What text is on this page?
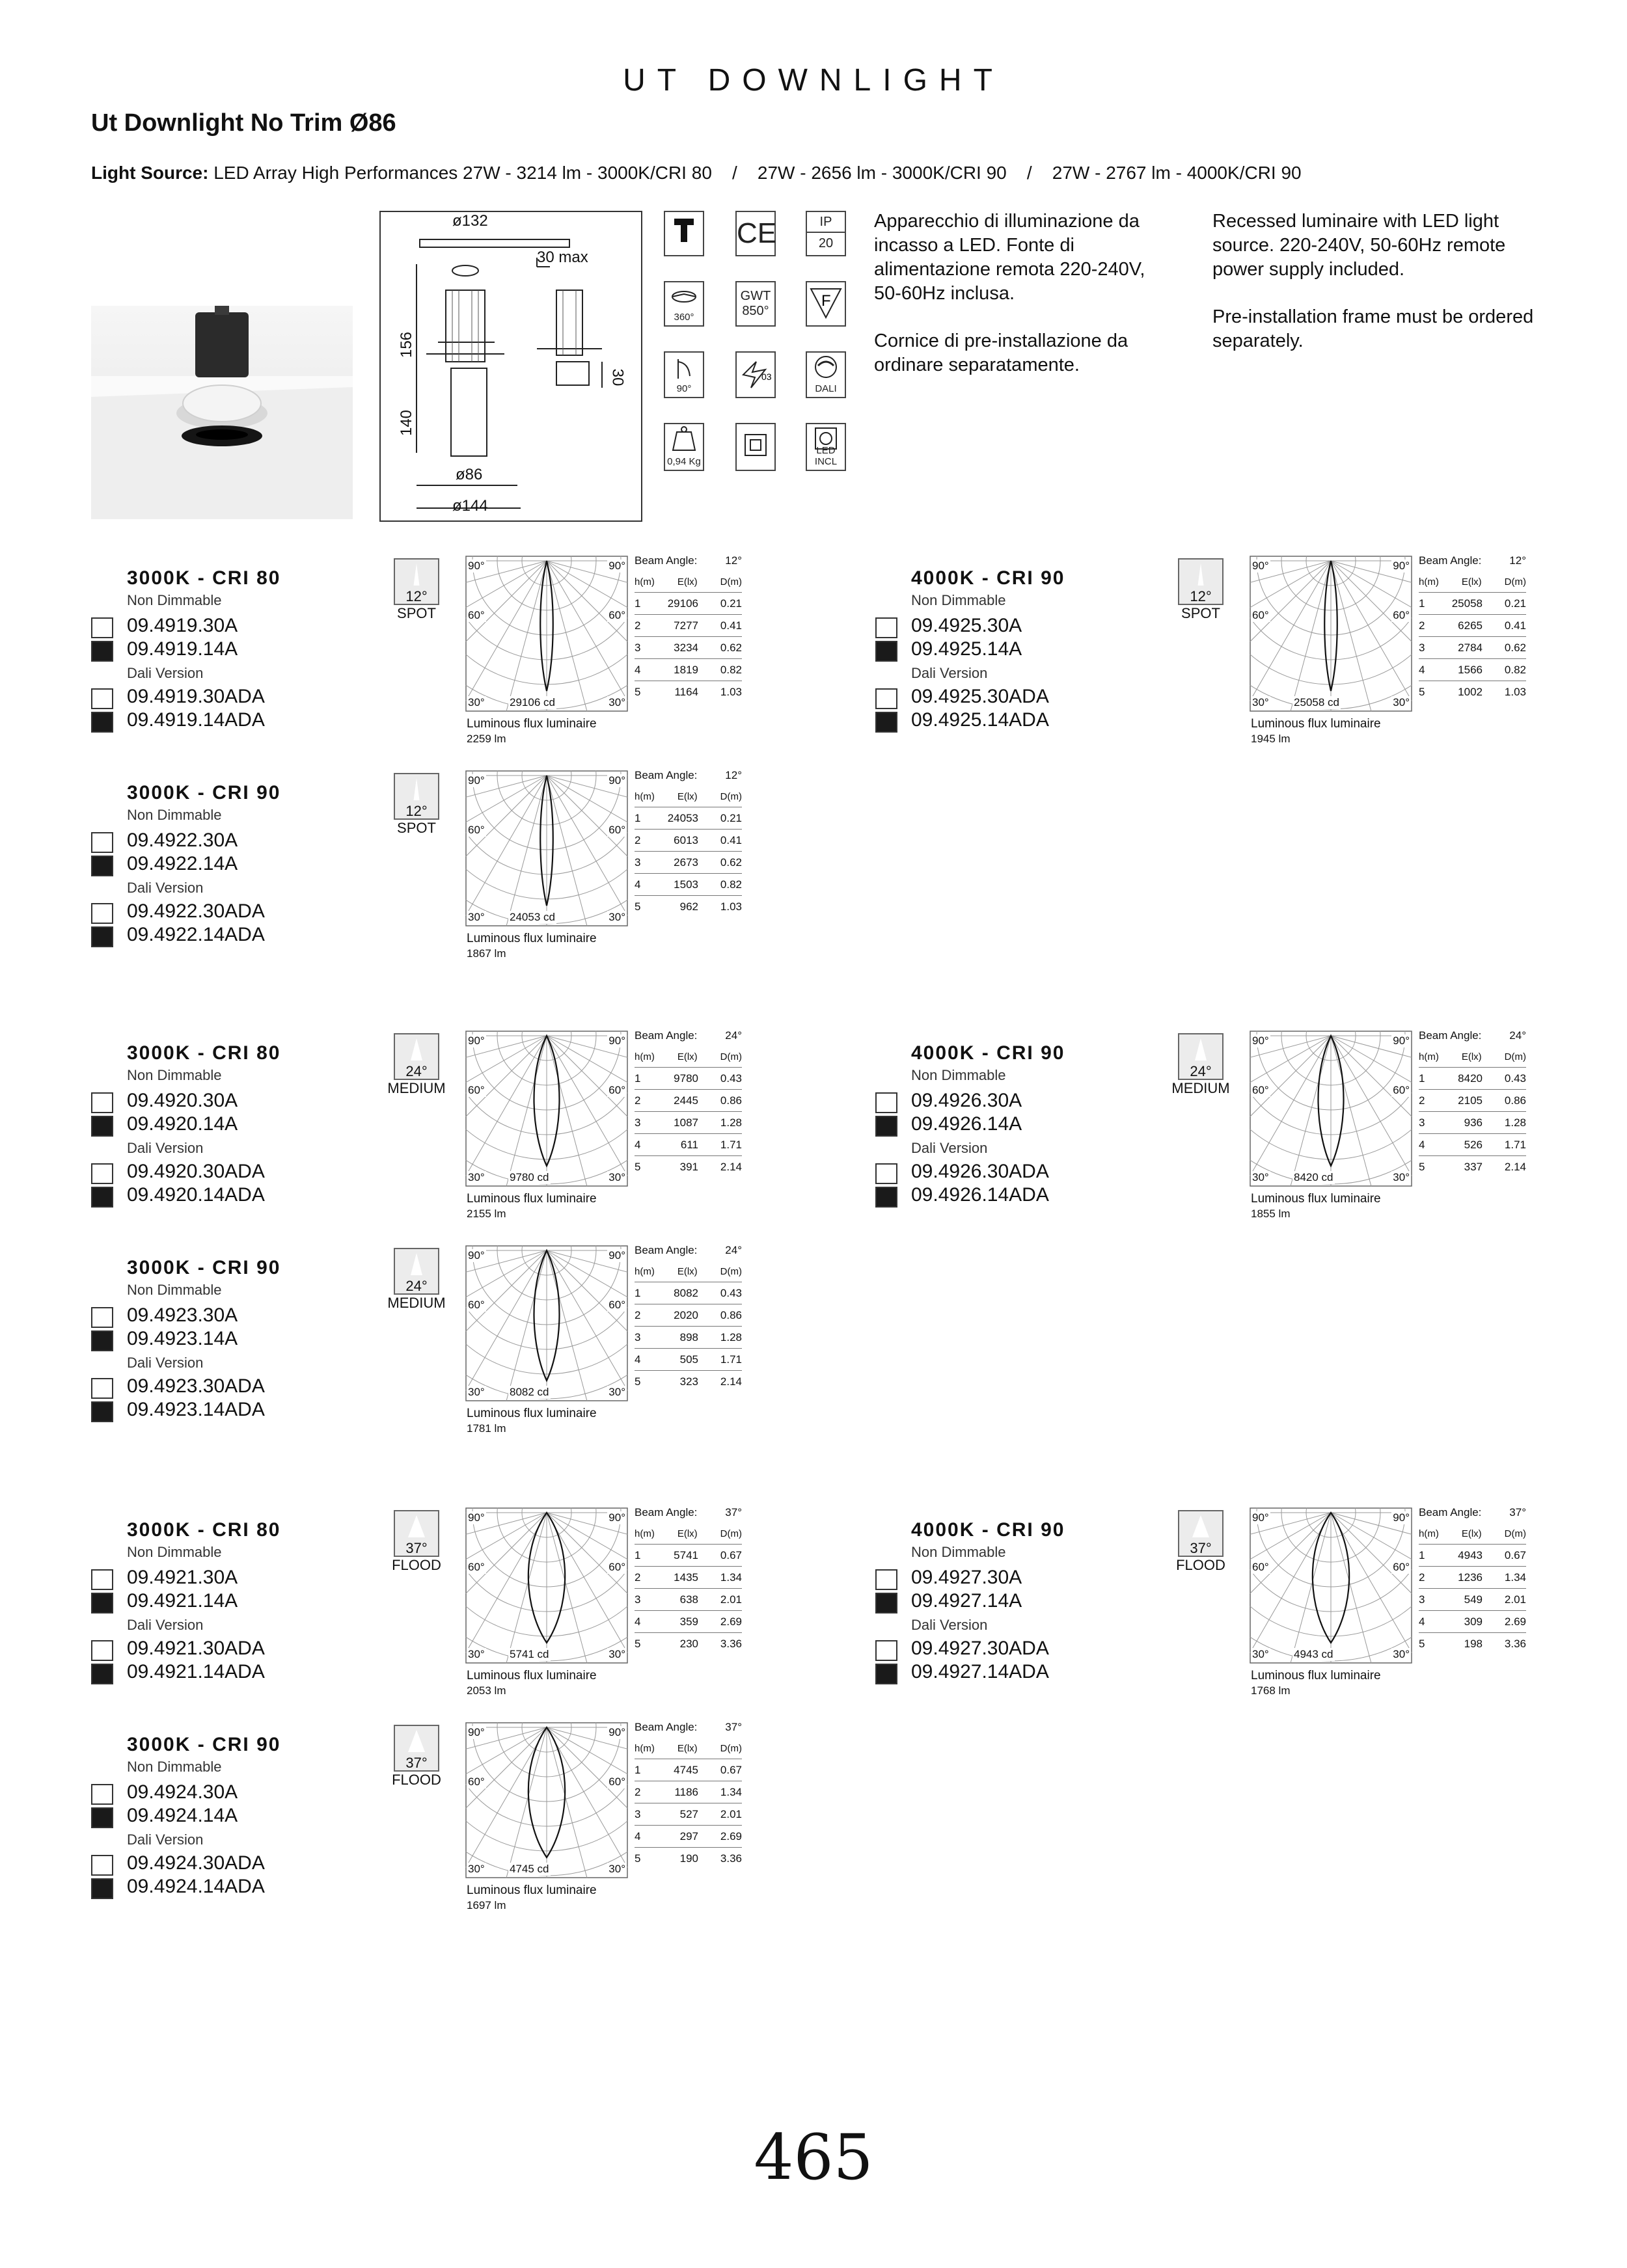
UT DOWNLIGHT
Ut Downlight No Trim Ø86
Light Source: LED Array High Performances 27W - 3214 lm - 3000K/CRI 80    /    27W - 2656 lm - 3000K/CRI 90    /    27W - 2767 lm - 4000K/CRI 90
ø132
30 max
156
140
30
ø86
ø144
CE	IP
20
360°
GWT 850°
F
90°
03
DALI
0,94 Kg
LED INCL
Apparecchio di illuminazione da incasso a LED. Fonte di alimentazione remota 220-240V, 50-60Hz inclusa.
Cornice di pre-installazione da ordinare separatamente.
Recessed luminaire with LED light source. 220-240V, 50-60Hz remote power supply included.
Pre-installation frame must be ordered separately.
3000K - CRI 80
Non Dimmable
Dali Version
09.4919.30A
09.4919.14A
09.4919.30ADA
09.4919.14ADA
12°
SPOT
90°	90°
60°	60°
30°	30°
29106 cd
Luminous flux luminaire
2259 lm
Beam Angle:	12°
h(m) E(lx) D(m)
1	29106	0.21
2	7277	0.41
3	3234	0.62
4	1819	0.82
5	1164	1.03
4000K - CRI 90
Non Dimmable
Dali Version
09.4925.30A
09.4925.14A
09.4925.30ADA
09.4925.14ADA
12°
SPOT
90°	90°
60°	60°
30°	30°
25058 cd
Luminous flux luminaire
1945 lm
Beam Angle:	12°
h(m) E(lx) D(m)
1	25058	0.21
2	6265	0.41
3	2784	0.62
4	1566	0.82
5	1002	1.03
3000K - CRI 90
Non Dimmable
Dali Version
09.4922.30A
09.4922.14A
09.4922.30ADA
09.4922.14ADA
12°
SPOT
90°	90°
60°	60°
30°	30°
24053 cd
Luminous flux luminaire
1867 lm
Beam Angle:	12°
h(m) E(lx) D(m)
1	24053	0.21
2	6013	0.41
3	2673	0.62
4	1503	0.82
5	962	1.03
3000K - CRI 80
Non Dimmable
Dali Version
09.4920.30A
09.4920.14A
09.4920.30ADA
09.4920.14ADA
24°
MEDIUM
90°	90°
60°	60°
30°	30°
9780 cd
Luminous flux luminaire
2155 lm
Beam Angle:	24°
h(m) E(lx) D(m)
1	9780	0.43
2	2445	0.86
3	1087	1.28
4	611	1.71
5	391	2.14
4000K - CRI 90
Non Dimmable
Dali Version
09.4926.30A
09.4926.14A
09.4926.30ADA
09.4926.14ADA
24°
MEDIUM
90°	90°
60°	60°
30°	30°
8420 cd
Luminous flux luminaire
1855 lm
Beam Angle:	24°
h(m) E(lx) D(m)
1	8420	0.43
2	2105	0.86
3	936	1.28
4	526	1.71
5	337	2.14
3000K - CRI 90
Non Dimmable
Dali Version
09.4923.30A
09.4923.14A
09.4923.30ADA
09.4923.14ADA
24°
MEDIUM
90°	90°
60°	60°
30°	30°
8082 cd
Luminous flux luminaire
1781 lm
Beam Angle:	24°
h(m) E(lx) D(m)
1	8082	0.43
2	2020	0.86
3	898	1.28
4	505	1.71
5	323	2.14
3000K - CRI 80
Non Dimmable
Dali Version
09.4921.30A
09.4921.14A
09.4921.30ADA
09.4921.14ADA
37°
FLOOD
90°	90°
60°	60°
30°	30°
5741 cd
Luminous flux luminaire
2053 lm
Beam Angle:	37°
h(m) E(lx) D(m)
1	5741	0.67
2	1435	1.34
3	638	2.01
4	359	2.69
5	230	3.36
4000K - CRI 90
Non Dimmable
Dali Version
09.4927.30A
09.4927.14A
09.4927.30ADA
09.4927.14ADA
37°
FLOOD
90°	90°
60°	60°
30°	30°
4943 cd
Luminous flux luminaire
1768 lm
Beam Angle:	37°
h(m) E(lx) D(m)
1	4943	0.67
2	1236	1.34
3	549	2.01
4	309	2.69
5	198	3.36
3000K - CRI 90
Non Dimmable
Dali Version
09.4924.30A
09.4924.14A
09.4924.30ADA
09.4924.14ADA
37°
FLOOD
90°	90°
60°	60°
30°	30°
4745 cd
Luminous flux luminaire
1697 lm
Beam Angle:	37°
h(m) E(lx) D(m)
1	4745	0.67
2	1186	1.34
3	527	2.01
4	297	2.69
5	190	3.36
465
